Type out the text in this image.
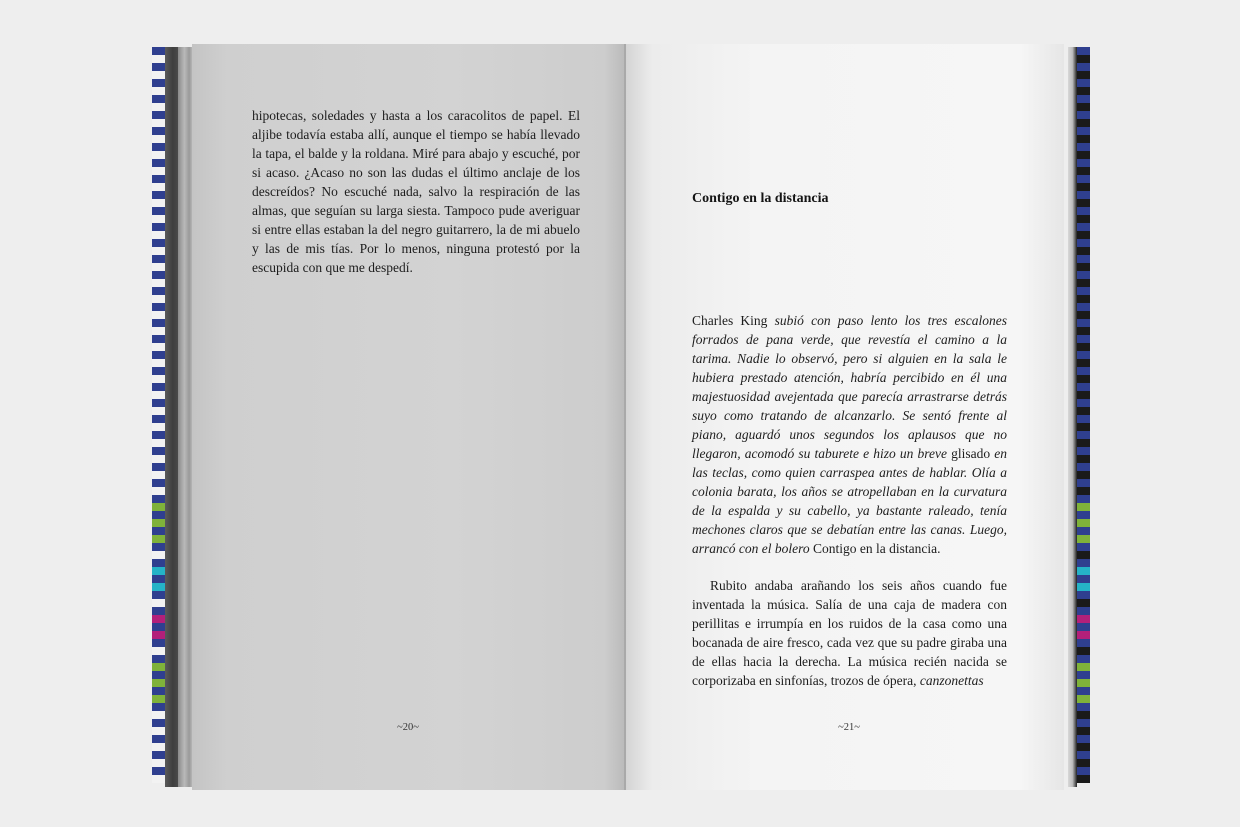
hipotecas, soledades y hasta a los caracolitos de papel. El aljibe todavía estaba allí, aunque el tiempo se había llevado la tapa, el balde y la roldana. Miré para abajo y escuché, por si acaso. ¿Acaso no son las dudas el último anclaje de los descreídos? No escuché nada, salvo la respiración de las almas, que seguían su larga siesta. Tampoco pude averiguar si entre ellas estaban la del negro guitarrero, la de mi abuelo y las de mis tías. Por lo menos, ninguna protestó por la escupida con que me despedí.

~20~
Contigo en la distancia

Charles King subió con paso lento los tres escalones forrados de pana verde, que revestía el camino a la tarima. Nadie lo observó, pero si alguien en la sala le hubiera prestado atención, habría percibido en él una majestuosidad avejentada que parecía arrastrarse detrás suyo como tratando de alcanzarlo. Se sentó frente al piano, aguardó unos segundos los aplausos que no llegaron, acomodó su taburete e hizo un breve glisado en las teclas, como quien carraspea antes de hablar. Olía a colonia barata, los años se atropellaban en la curvatura de la espalda y su cabello, ya bastante raleado, tenía mechones claros que se debatían entre las canas. Luego, arrancó con el bolero Contigo en la distancia.

Rubito andaba arañando los seis años cuando fue inventada la música. Salía de una caja de madera con perillitas e irrumpía en los ruidos de la casa como una bocanada de aire fresco, cada vez que su padre giraba una de ellas hacia la derecha. La música recién nacida se corporizaba en sinfonías, trozos de ópera, canzonettas

~21~
